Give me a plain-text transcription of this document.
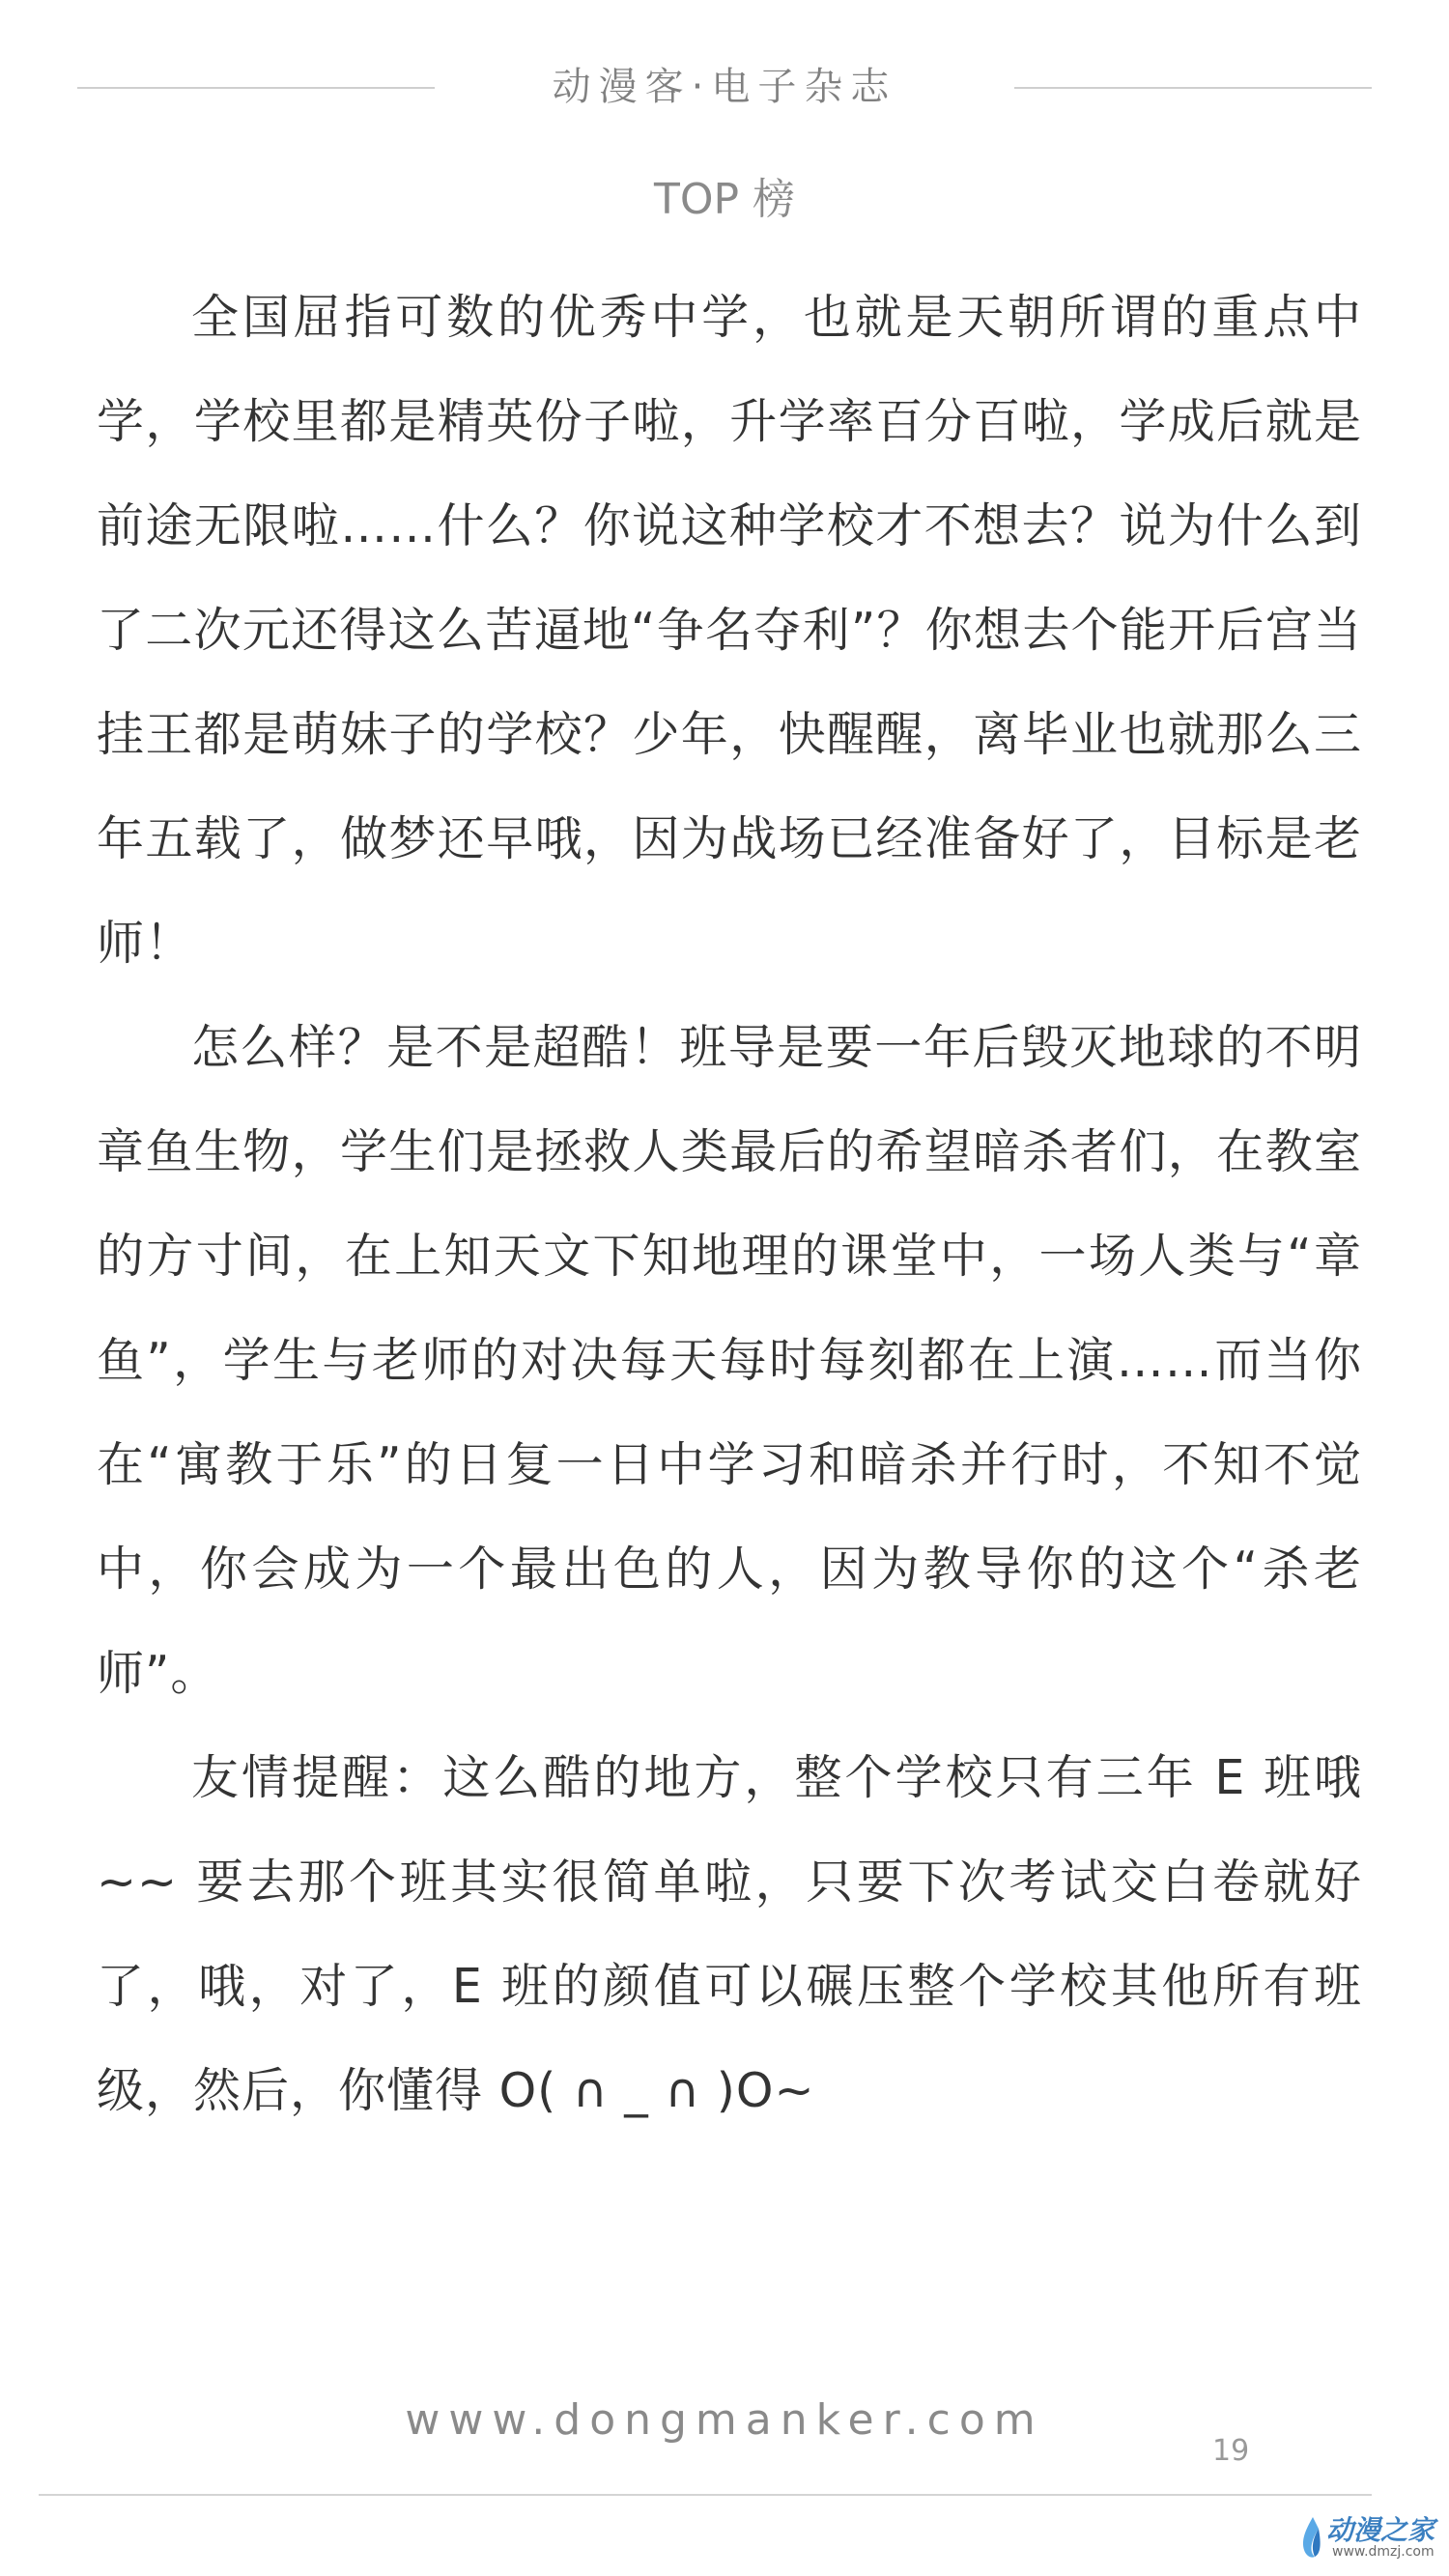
动漫客·电子杂志
TOP 榜

全国屈指可数的优秀中学，也就是天朝所谓的重点中学，学校里都是精英份子啦，升学率百分百啦，学成后就是前途无限啦……什么？你说这种学校才不想去？说为什么到了二次元还得这么苦逼地“争名夺利”？你想去个能开后宫当挂王都是萌妹子的学校？少年，快醒醒，离毕业也就那么三年五载了，做梦还早哦，因为战场已经准备好了，目标是老师！

怎么样？是不是超酷！班导是要一年后毁灭地球的不明章鱼生物，学生们是拯救人类最后的希望暗杀者们，在教室的方寸间，在上知天文下知地理的课堂中，一场人类与“章鱼”，学生与老师的对决每天每时每刻都在上演……而当你在“寓教于乐”的日复一日中学习和暗杀并行时，不知不觉中，你会成为一个最出色的人，因为教导你的这个“杀老师”。

友情提醒：这么酷的地方，整个学校只有三年 E 班哦 ~~ 要去那个班其实很简单啦，只要下次考试交白卷就好了，哦，对了，E 班的颜值可以碾压整个学校其他所有班级，然后，你懂得 O( ∩ _ ∩ )O~

www.dongmanker.com
19
动漫之家
www.dmzj.com
